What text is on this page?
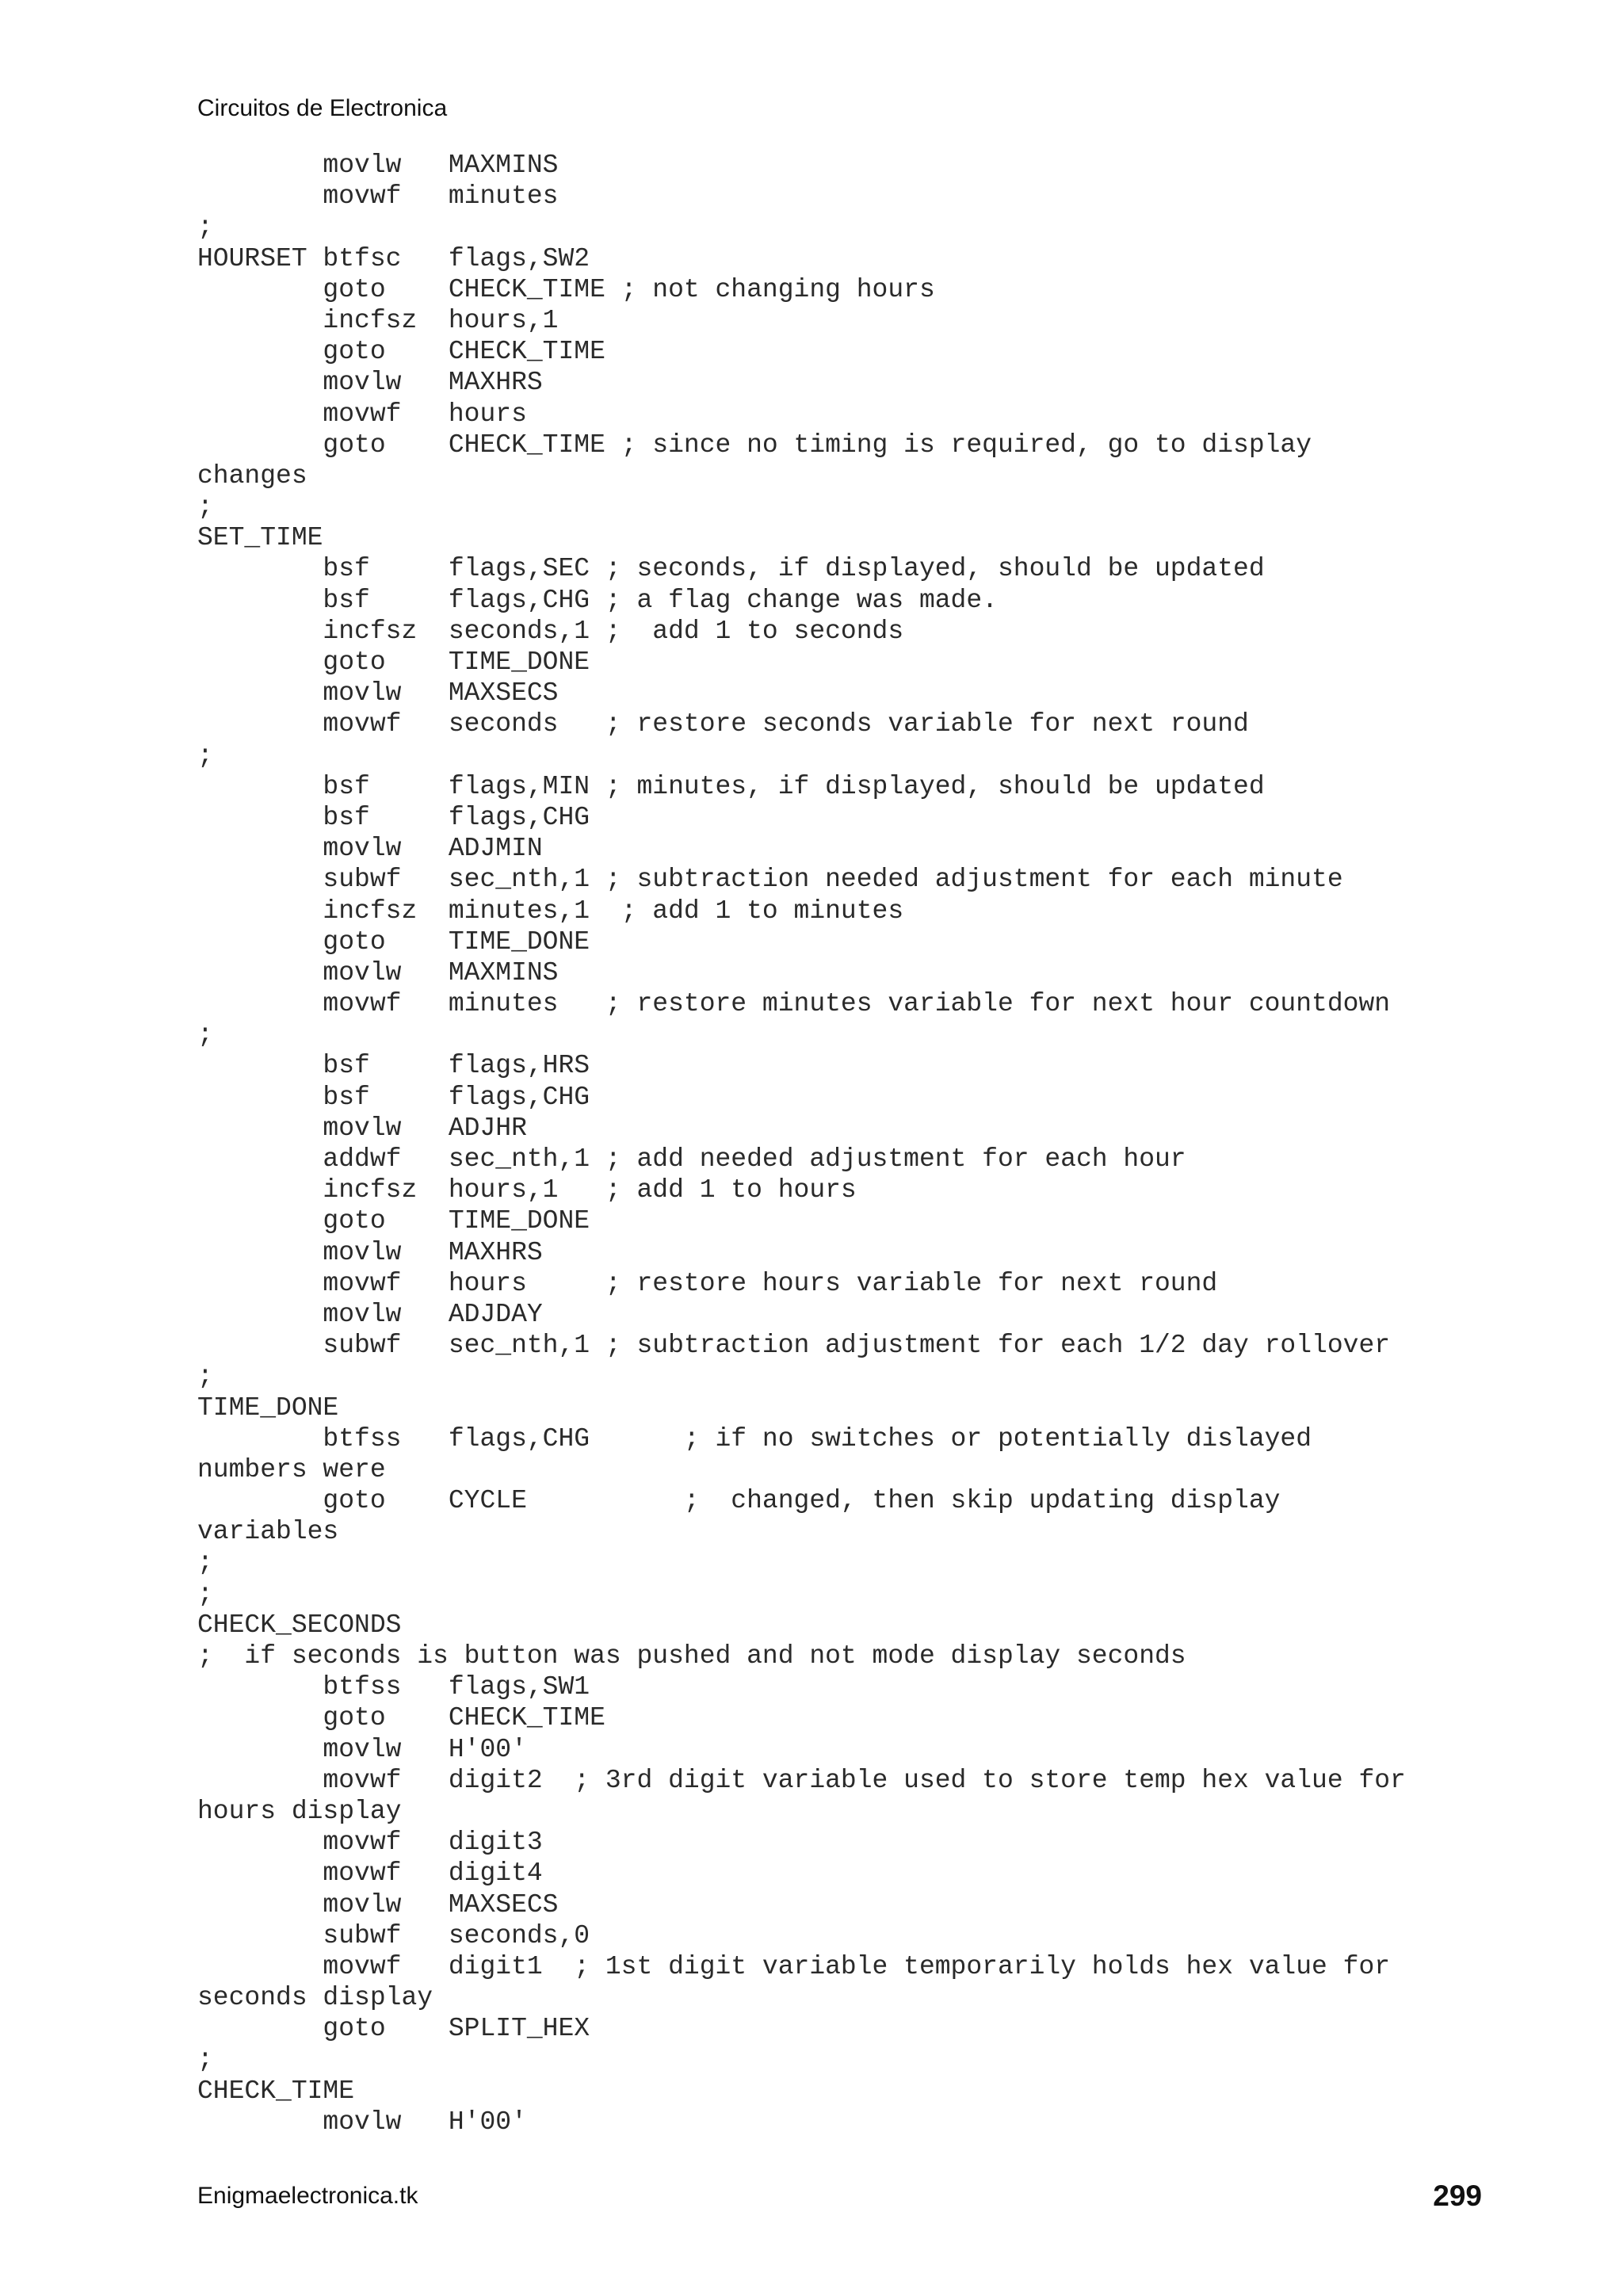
Circuitos de Electronica
movlw   MAXMINS
movwf   minutes
;
HOURSET btfsc   flags,SW2
goto    CHECK_TIME ; not changing hours
incfsz  hours,1
goto    CHECK_TIME
movlw   MAXHRS
movwf   hours
goto    CHECK_TIME ; since no timing is required, go to display
changes
;
SET_TIME
bsf     flags,SEC ; seconds, if displayed, should be updated
bsf     flags,CHG ; a flag change was made.
incfsz  seconds,1 ;  add 1 to seconds
goto    TIME_DONE
movlw   MAXSECS
movwf   seconds   ; restore seconds variable for next round
;
bsf     flags,MIN ; minutes, if displayed, should be updated
bsf     flags,CHG
movlw   ADJMIN
subwf   sec_nth,1 ; subtraction needed adjustment for each minute
incfsz  minutes,1  ; add 1 to minutes
goto    TIME_DONE
movlw   MAXMINS
movwf   minutes   ; restore minutes variable for next hour countdown
;
bsf     flags,HRS
bsf     flags,CHG
movlw   ADJHR
addwf   sec_nth,1 ; add needed adjustment for each hour
incfsz  hours,1   ; add 1 to hours
goto    TIME_DONE
movlw   MAXHRS
movwf   hours     ; restore hours variable for next round
movlw   ADJDAY
subwf   sec_nth,1 ; subtraction adjustment for each 1/2 day rollover
;
TIME_DONE
btfss   flags,CHG      ; if no switches or potentially dislayed
numbers were
goto    CYCLE          ;  changed, then skip updating display
variables
;
;
CHECK_SECONDS
;  if seconds is button was pushed and not mode display seconds
btfss   flags,SW1
goto    CHECK_TIME
movlw   H'00'
movwf   digit2  ; 3rd digit variable used to store temp hex value for
hours display
movwf   digit3
movwf   digit4
movlw   MAXSECS
subwf   seconds,0
movwf   digit1  ; 1st digit variable temporarily holds hex value for
seconds display
goto    SPLIT_HEX
;
CHECK_TIME
movlw   H'00'
Enigmaelectronica.tk	299
